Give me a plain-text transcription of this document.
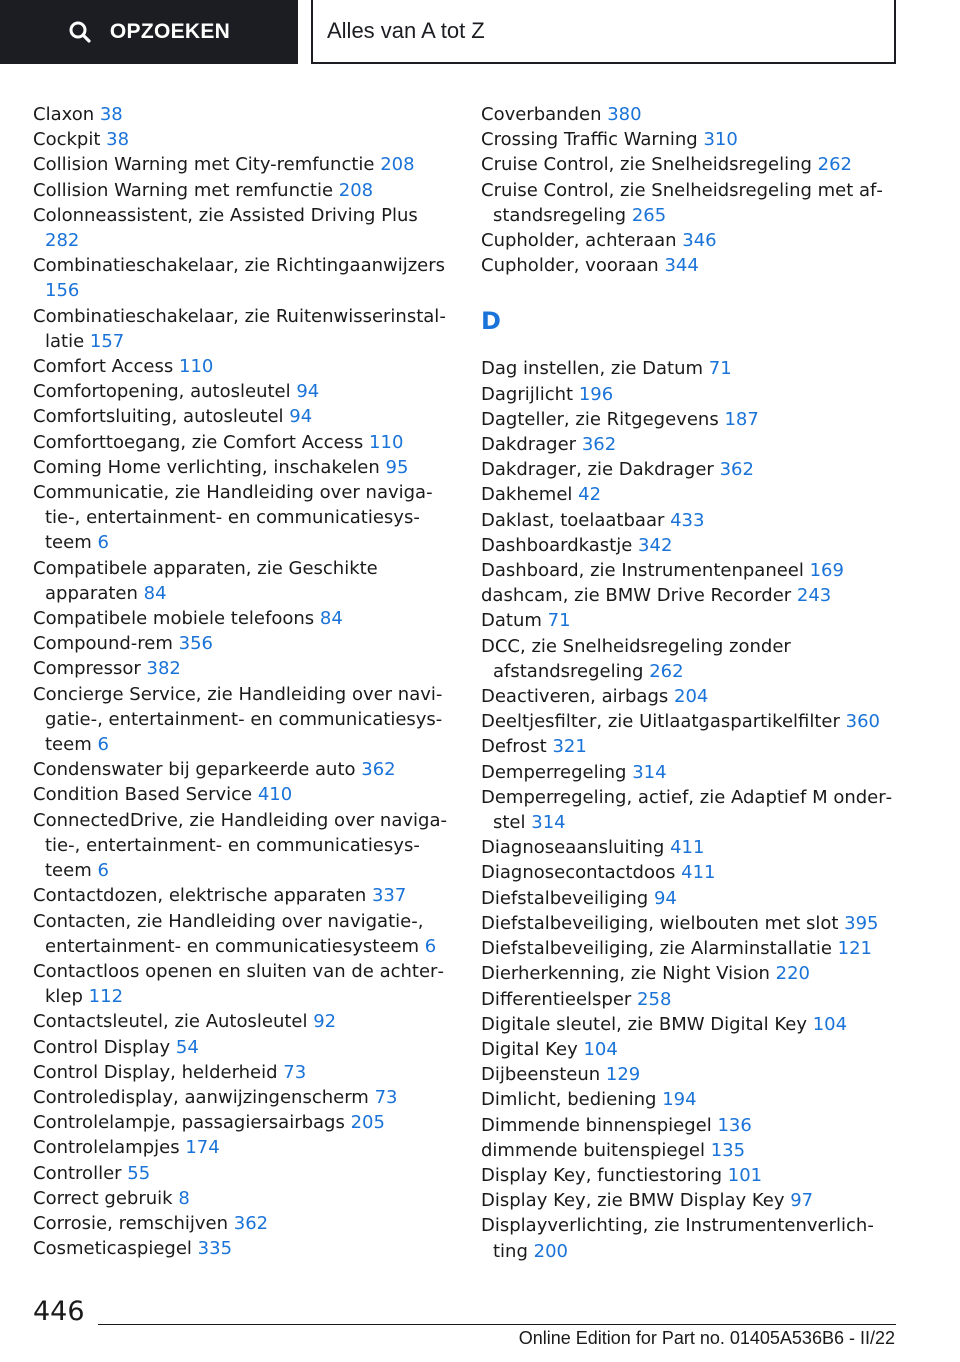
OPZOEKEN	Alles van A tot Z
Claxon 38
Cockpit 38
Collision Warning met City-remfunctie 208
Collision Warning met remfunctie 208
Colonneassistent, zie Assisted Driving Plus 282
Combinatieschakelaar, zie Richtingaanwijzers 156
Combinatieschakelaar, zie Ruitenwisserinstallatie 157
Comfort Access 110
Comfortopening, autosleutel 94
Comfortsluiting, autosleutel 94
Comforttoegang, zie Comfort Access 110
Coming Home verlichting, inschakelen 95
Communicatie, zie Handleiding over navigatie-, entertainment- en communicatiesysteem 6
Compatibele apparaten, zie Geschikte apparaten 84
Compatibele mobiele telefoons 84
Compound-rem 356
Compressor 382
Concierge Service, zie Handleiding over navigatie-, entertainment- en communicatiesysteem 6
Condenswater bij geparkeerde auto 362
Condition Based Service 410
ConnectedDrive, zie Handleiding over navigatie-, entertainment- en communicatiesysteem 6
Contactdozen, elektrische apparaten 337
Contacten, zie Handleiding over navigatie-, entertainment- en communicatiesysteem 6
Contactloos openen en sluiten van de achterklep 112
Contactsleutel, zie Autosleutel 92
Control Display 54
Control Display, helderheid 73
Controledisplay, aanwijzingenscherm 73
Controlelampje, passagiersairbags 205
Controlelampjes 174
Controller 55
Correct gebruik 8
Corrosie, remschijven 362
Cosmeticaspiegel 335
Coverbanden 380
Crossing Traffic Warning 310
Cruise Control, zie Snelheidsregeling 262
Cruise Control, zie Snelheidsregeling met afstandsregeling 265
Cupholder, achteraan 346
Cupholder, vooraan 344
D
Dag instellen, zie Datum 71
Dagrijlicht 196
Dagteller, zie Ritgegevens 187
Dakdrager 362
Dakdrager, zie Dakdrager 362
Dakhemel 42
Daklast, toelaatbaar 433
Dashboardkastje 342
Dashboard, zie Instrumentenpaneel 169
dashcam, zie BMW Drive Recorder 243
Datum 71
DCC, zie Snelheidsregeling zonder afstandsregeling 262
Deactiveren, airbags 204
Deeltjesfilter, zie Uitlaatgaspartikelfilter 360
Defrost 321
Demperregeling 314
Demperregeling, actief, zie Adaptief M onderstel 314
Diagnoseaansluiting 411
Diagnosecontactdoos 411
Diefstalbeveiliging 94
Diefstalbeveiliging, wielbouten met slot 395
Diefstalbeveiliging, zie Alarminstallatie 121
Dierherkenning, zie Night Vision 220
Differentieelsper 258
Digitale sleutel, zie BMW Digital Key 104
Digital Key 104
Dijbeensteun 129
Dimlicht, bediening 194
Dimmende binnenspiegel 136
dimmende buitenspiegel 135
Display Key, functiestoring 101
Display Key, zie BMW Display Key 97
Displayverlichting, zie Instrumentenverlichting 200
446
Online Edition for Part no. 01405A536B6 - II/22
